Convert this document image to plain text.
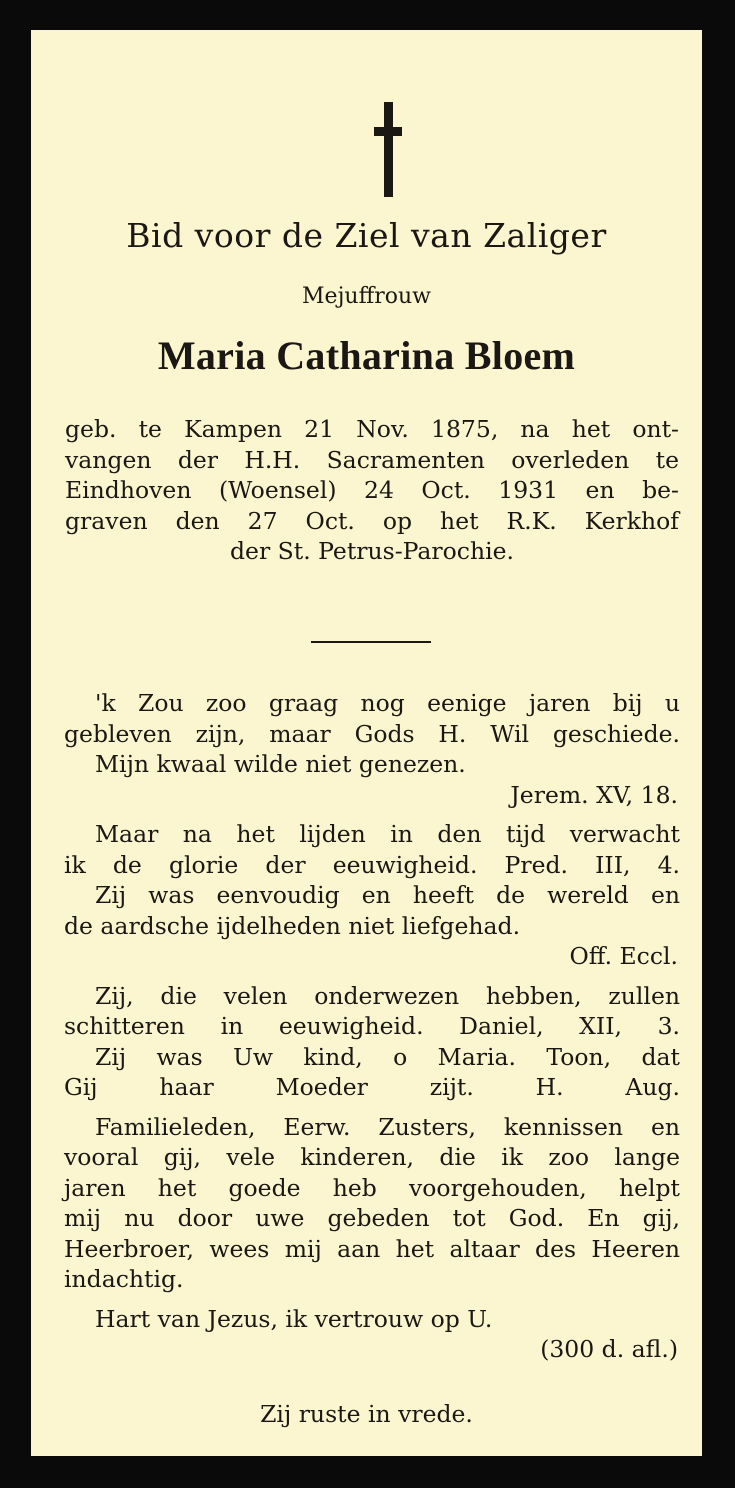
Bid voor de Ziel van Zaliger
Mejuffrouw
Maria Catharina Bloem
geb. te Kampen 21 Nov. 1875, na het ont-
vangen der H.H. Sacramenten overleden te
Eindhoven (Woensel) 24 Oct. 1931 en be-
graven den 27 Oct. op het R.K. Kerkhof
der St. Petrus-Parochie.
'k Zou zoo graag nog eenige jaren bij u
gebleven zijn, maar Gods H. Wil geschiede.
Mijn kwaal wilde niet genezen.
Jerem. XV, 18.
Maar na het lijden in den tijd verwacht
ik de glorie der eeuwigheid. Pred. III, 4.
Zij was eenvoudig en heeft de wereld en
de aardsche ijdelheden niet liefgehad.
Off. Eccl.
Zij, die velen onderwezen hebben, zullen
schitteren in eeuwigheid. Daniel, XII, 3.
Zij was Uw kind, o Maria. Toon, dat
Gij haar Moeder zijt. H. Aug.
Familieleden, Eerw. Zusters, kennissen en
vooral gij, vele kinderen, die ik zoo lange
jaren het goede heb voorgehouden, helpt
mij nu door uwe gebeden tot God. En gij,
Heerbroer, wees mij aan het altaar des Heeren
indachtig.
Hart van Jezus, ik vertrouw op U.
(300 d. afl.)
Zij ruste in vrede.
